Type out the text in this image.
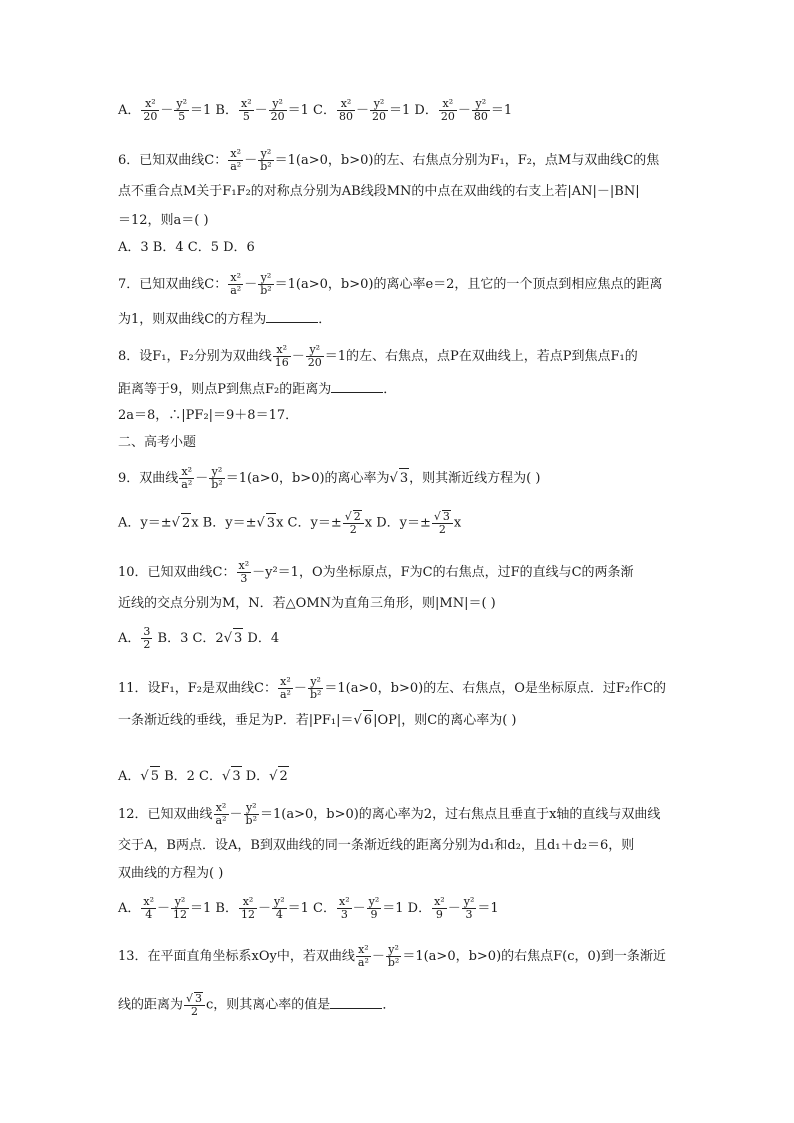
A． $\frac{\text{x²}}{20} - \frac{\text{y²}}{5} =1$ B． $\frac{\text{x²}}{5} - \frac{\text{y²}}{20} =1$ C． $\frac{\text{x²}}{80} - \frac{\text{y²}}{20} =1$ D． $\frac{\text{x²}}{20} - \frac{\text{y²}}{80} =1$
6．已知双曲线C： $\frac{\text{x²}}{\text{a²}} - \frac{\text{y²}}{\text{b²}} =1(a>0$，b>0)的左、右焦点分别为F₁，F₂，点M与双曲线C的焦
点不重合点M关于F₁F₂的对称点分别为AB线段MN的中点在双曲线的右支上若|AN|－|BN|
＝12，则a＝( )
A．3 B．4 C．5 D．6
7．已知双曲线C： $\frac{\text{x²}}{\text{a²}} - \frac{\text{y²}}{\text{b²}} =1(a>0$，b>0)的离心率e＝2，且它的一个顶点到相应焦点的距离
为1，则双曲线C的方程为	．
8．设F₁，F₂分别为双曲线 $\frac{\text{x²}}{16} - \frac{\text{y²}}{20} =1$的左、右焦点，点P在双曲线上，若点P到焦点F₁的
距离等于9，则点P到焦点F₂的距离为	．
2a＝8，∴|PF₂|＝9＋8＝17．
二、高考小题
9．双曲线 $\frac{\text{x²}}{\text{a²}} - \frac{\text{y²}}{\text{b²}} =1(a>0$，b>0)的离心率为√ 3，则其渐近线方程为( )
A．y＝±√ 2x B．y＝±√ 3x C．$y=\pm \frac{√ 2}{2}$ x D．$y=\pm \frac{√ 3}{2}$ x
10．已知双曲线C： $\frac{\text{x²}}{3} -y^2=1$，O为坐标原点，F为C的右焦点，过F的直线与C的两条渐
近线的交点分别为M，N．若△OMN为直角三角形，则|MN|＝( )
A． $\frac{3}{2}$ B．3 C．2√ 3 D．4
11．设F₁，F₂是双曲线C： $\frac{\text{x²}}{\text{a²}} - \frac{\text{y²}}{\text{b²}} =1(a>0$，b>0)的左、右焦点，O是坐标原点．过F₂作C的
一条渐近线的垂线，垂足为P．若|PF₁|＝√ 6|OP|，则C的离心率为( )
A．√ 5 B．2 C．√ 3 D．√ 2
12．已知双曲线 $\frac{\text{x²}}{\text{a²}} - \frac{\text{y²}}{\text{b²}} =1(a>0$，b>0)的离心率为2，过右焦点且垂直于x轴的直线与双曲线
交于A，B两点．设A，B到双曲线的同一条渐近线的距离分别为d₁和d₂，且d₁＋d₂＝6，则
双曲线的方程为( )
A． $\frac{\text{x²}}{4} - \frac{\text{y²}}{12} =1$ B． $\frac{\text{x²}}{12} - \frac{\text{y²}}{4} =1$ C． $\frac{\text{x²}}{3} - \frac{\text{y²}}{9} =1$ D． $\frac{\text{x²}}{9} - \frac{\text{y²}}{3} =1$
13．在平面直角坐标系xOy中，若双曲线 $\frac{\text{x²}}{\text{a²}} - \frac{\text{y²}}{\text{b²}} =1(a>0$，b>0)的右焦点F(c，0)到一条渐近
线的距离为 $\frac{√ 3}{2}$ c，则其离心率的值是	．
